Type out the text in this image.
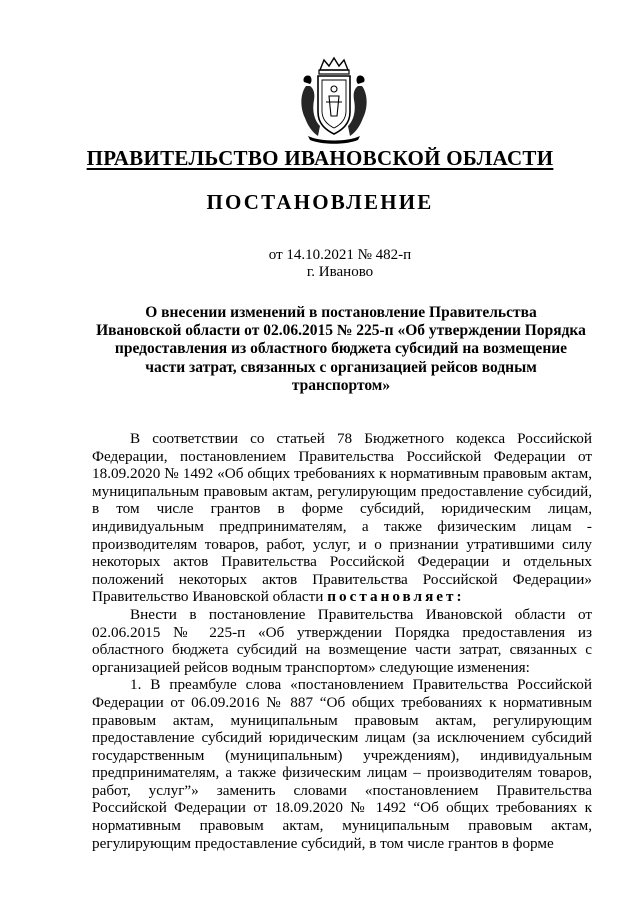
ПРАВИТЕЛЬСТВО ИВАНОВСКОЙ ОБЛАСТИ
ПОСТАНОВЛЕНИЕ
от 14.10.2021 № 482-п
г. Иваново
О внесении изменений в постановление Правительства
Ивановской области от 02.06.2015 № 225-п «Об утверждении Порядка
предоставления из областного бюджета субсидий на возмещение
части затрат, связанных с организацией рейсов водным
транспортом»

В соответствии со статьей 78 Бюджетного кодекса Российской Федерации, постановлением Правительства Российской Федерации от 18.09.2020 № 1492 «Об общих требованиях к нормативным правовым актам, муниципальным правовым актам, регулирующим предоставление субсидий, в том числе грантов в форме субсидий, юридическим лицам, индивидуальным предпринимателям, а также физическим лицам - производителям товаров, работ, услуг, и о признании утратившими силу некоторых актов Правительства Российской Федерации и отдельных положений некоторых актов Правительства Российской Федерации» Правительство Ивановской области постановляет:

Внести в постановление Правительства Ивановской области от 02.06.2015 № 225-п «Об утверждении Порядка предоставления из областного бюджета субсидий на возмещение части затрат, связанных с организацией рейсов водным транспортом» следующие изменения:

1. В преамбуле слова «постановлением Правительства Российской Федерации от 06.09.2016 № 887 “Об общих требованиях к нормативным правовым актам, муниципальным правовым актам, регулирующим предоставление субсидий юридическим лицам (за исключением субсидий государственным (муниципальным) учреждениям), индивидуальным предпринимателям, а также физическим лицам – производителям товаров, работ, услуг”» заменить словами «постановлением Правительства Российской Федерации от 18.09.2020 № 1492 “Об общих требованиях к нормативным правовым актам, муниципальным правовым актам, регулирующим предоставление субсидий, в том числе грантов в форме
